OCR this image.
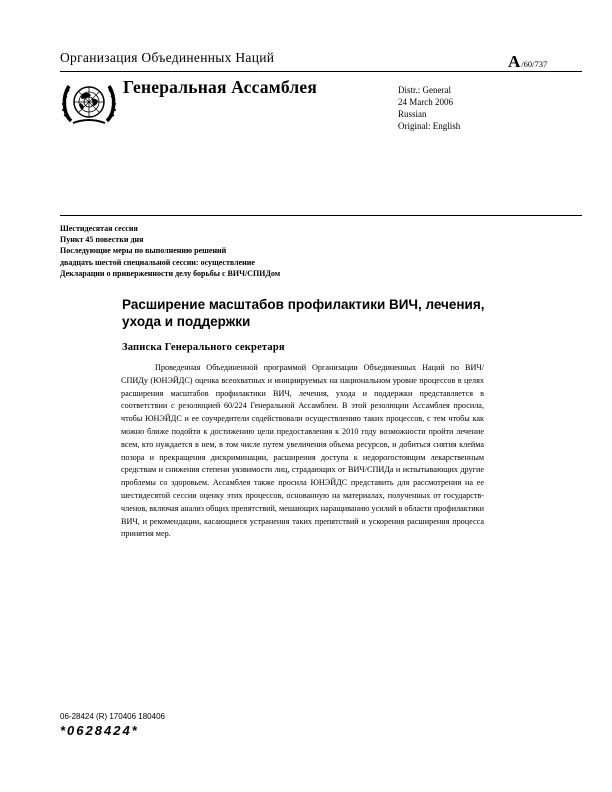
Организация Объединенных Наций	A/60/737
Генеральная Ассамблея	Distr.: General
24 March 2006
Russian
Original: English
Шестидесятая сессия
Пункт 45 повестки дня
Последующие меры по выполнению решений
двадцать шестой специальной сессии: осуществление
Декларации о приверженности делу борьбы с ВИЧ/СПИДом
Расширение масштабов профилактики ВИЧ, лечения, ухода и поддержки
Записка Генерального секретаря

Проведенная Объединенной программой Организации Объединенных Наций по ВИЧ/СПИДу (ЮНЭЙДС) оценка всеохватных и инициируемых на национальном уровне процессов в целях расширения масштабов профилактики ВИЧ, лечения, ухода и поддержки представляется в соответствии с резолюцией 60/224 Генеральной Ассамблеи. В этой резолюции Ассамблея просила, чтобы ЮНЭЙДС и ее соучредители содействовали осуществлению таких процессов, с тем чтобы как можно ближе подойти к достижению цели предоставления к 2010 году возможности пройти лечение всем, кто нуждается в нем, в том числе путем увеличения объема ресурсов, и добиться снятия клейма позора и прекращения дискриминации, расширения доступа к недорогостоящим лекарственным средствам и снижения степени уязвимости лиц, страдающих от ВИЧ/СПИДа и испытывающих другие проблемы со здоровьем. Ассамблея также просила ЮНЭЙДС представить для рассмотрения на ее шестидесятой сессии оценку этих процессов, основанную на материалах, полученных от государств-членов, включая анализ общих препятствий, мешающих наращиванию усилий в области профилактики ВИЧ, и рекомендации, касающиеся устранения таких препятствий и ускорения расширения процесса принятия мер.

06-28424 (R) 170406 180406
*0628424*
